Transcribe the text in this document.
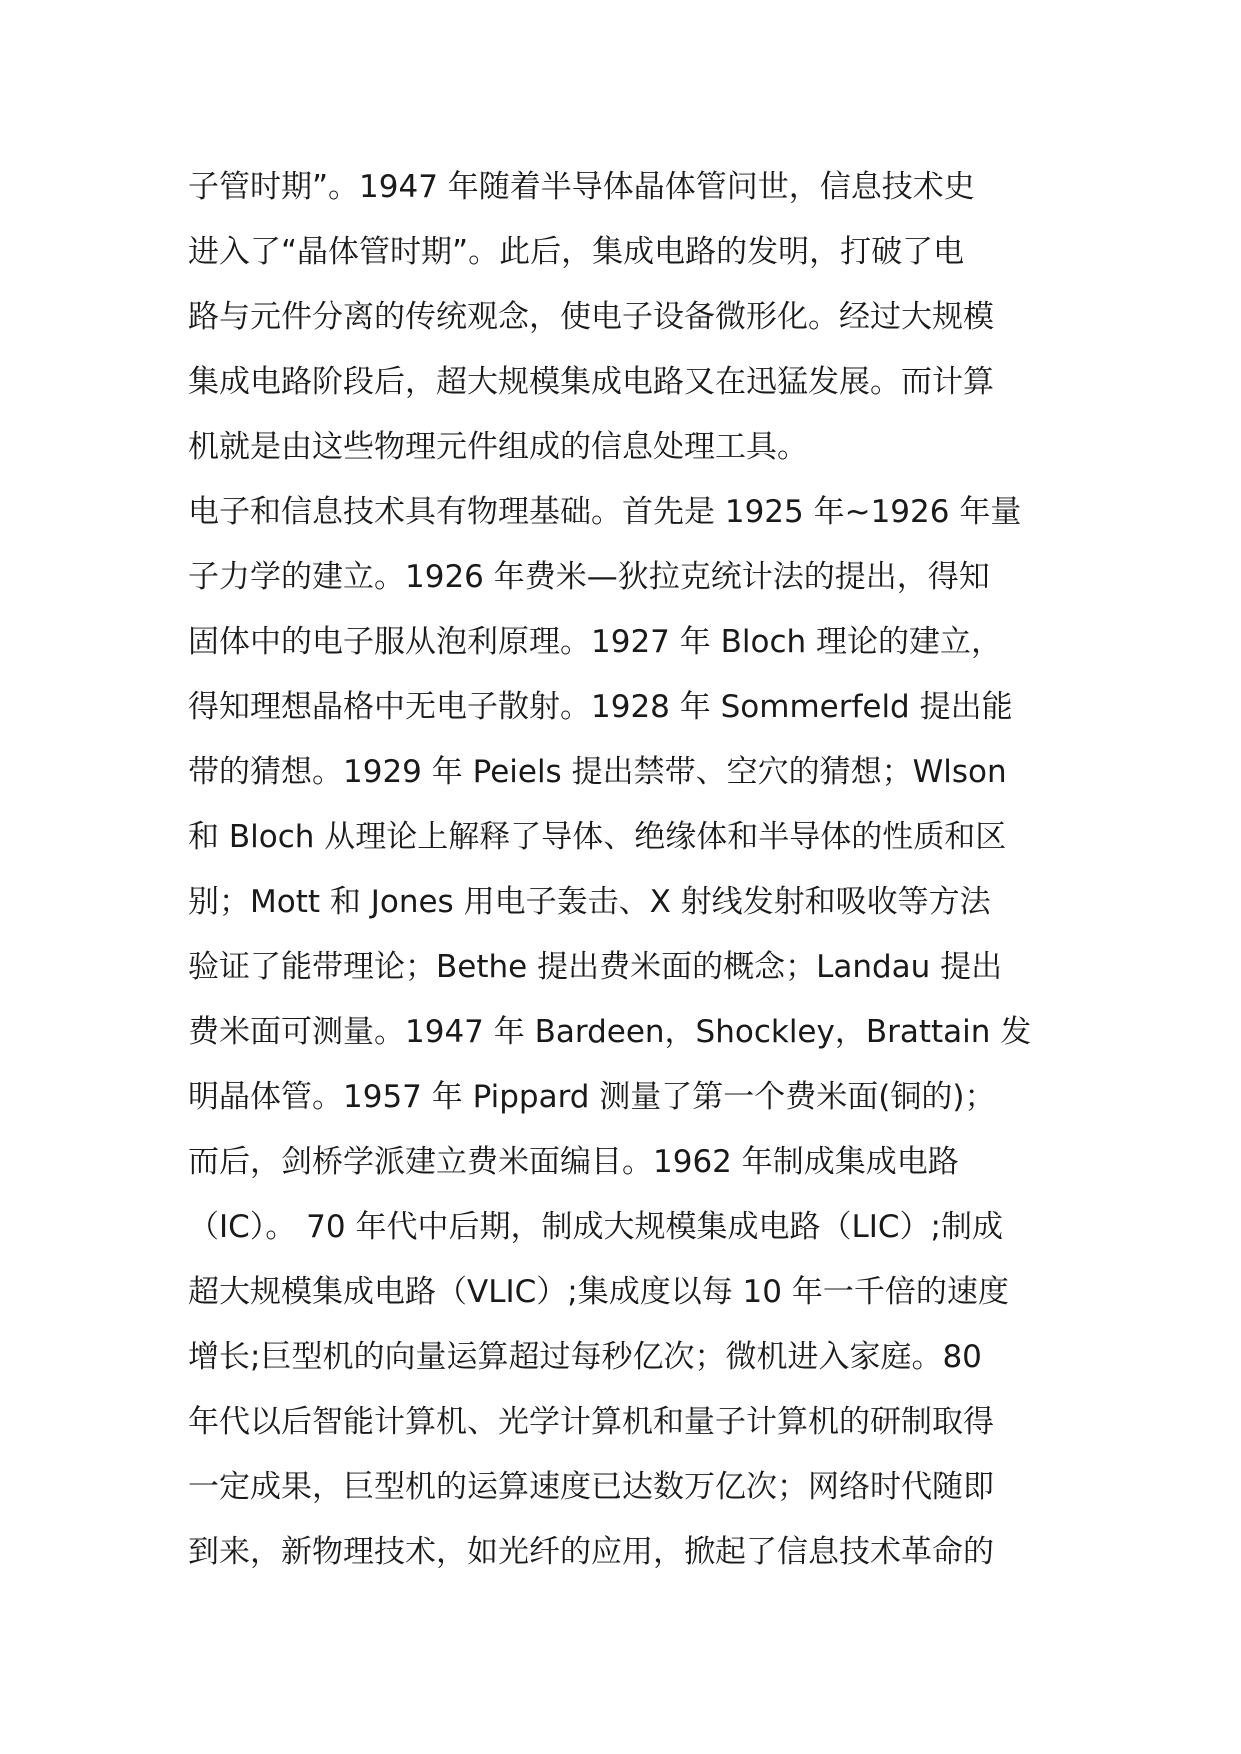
子管时期”。1947 年随着半导体晶体管问世，信息技术史
进入了“晶体管时期”。此后，集成电路的发明，打破了电
路与元件分离的传统观念，使电子设备微形化。经过大规模
集成电路阶段后，超大规模集成电路又在迅猛发展。而计算
机就是由这些物理元件组成的信息处理工具。
电子和信息技术具有物理基础。首先是 1925 年~1926 年量
子力学的建立。1926 年费米—狄拉克统计法的提出，得知
固体中的电子服从泡利原理。1927 年 Bloch 理论的建立，
得知理想晶格中无电子散射。1928 年 Sommerfeld 提出能
带的猜想。1929 年 Peiels 提出禁带、空穴的猜想；Wlson
和 Bloch 从理论上解释了导体、绝缘体和半导体的性质和区
别；Mott 和 Jones 用电子轰击、X 射线发射和吸收等方法
验证了能带理论；Bethe 提出费米面的概念；Landau 提出
费米面可测量。1947 年 Bardeen，Shockley，Brattain 发
明晶体管。1957 年 Pippard 测量了第一个费米面(铜的)；
而后，剑桥学派建立费米面编目。1962 年制成集成电路
（IC）。 70 年代中后期，制成大规模集成电路（LIC）;制成
超大规模集成电路（VLIC）;集成度以每 10 年一千倍的速度
增长;巨型机的向量运算超过每秒亿次；微机进入家庭。80
年代以后智能计算机、光学计算机和量子计算机的研制取得
一定成果，巨型机的运算速度已达数万亿次；网络时代随即
到来，新物理技术，如光纤的应用，掀起了信息技术革命的
